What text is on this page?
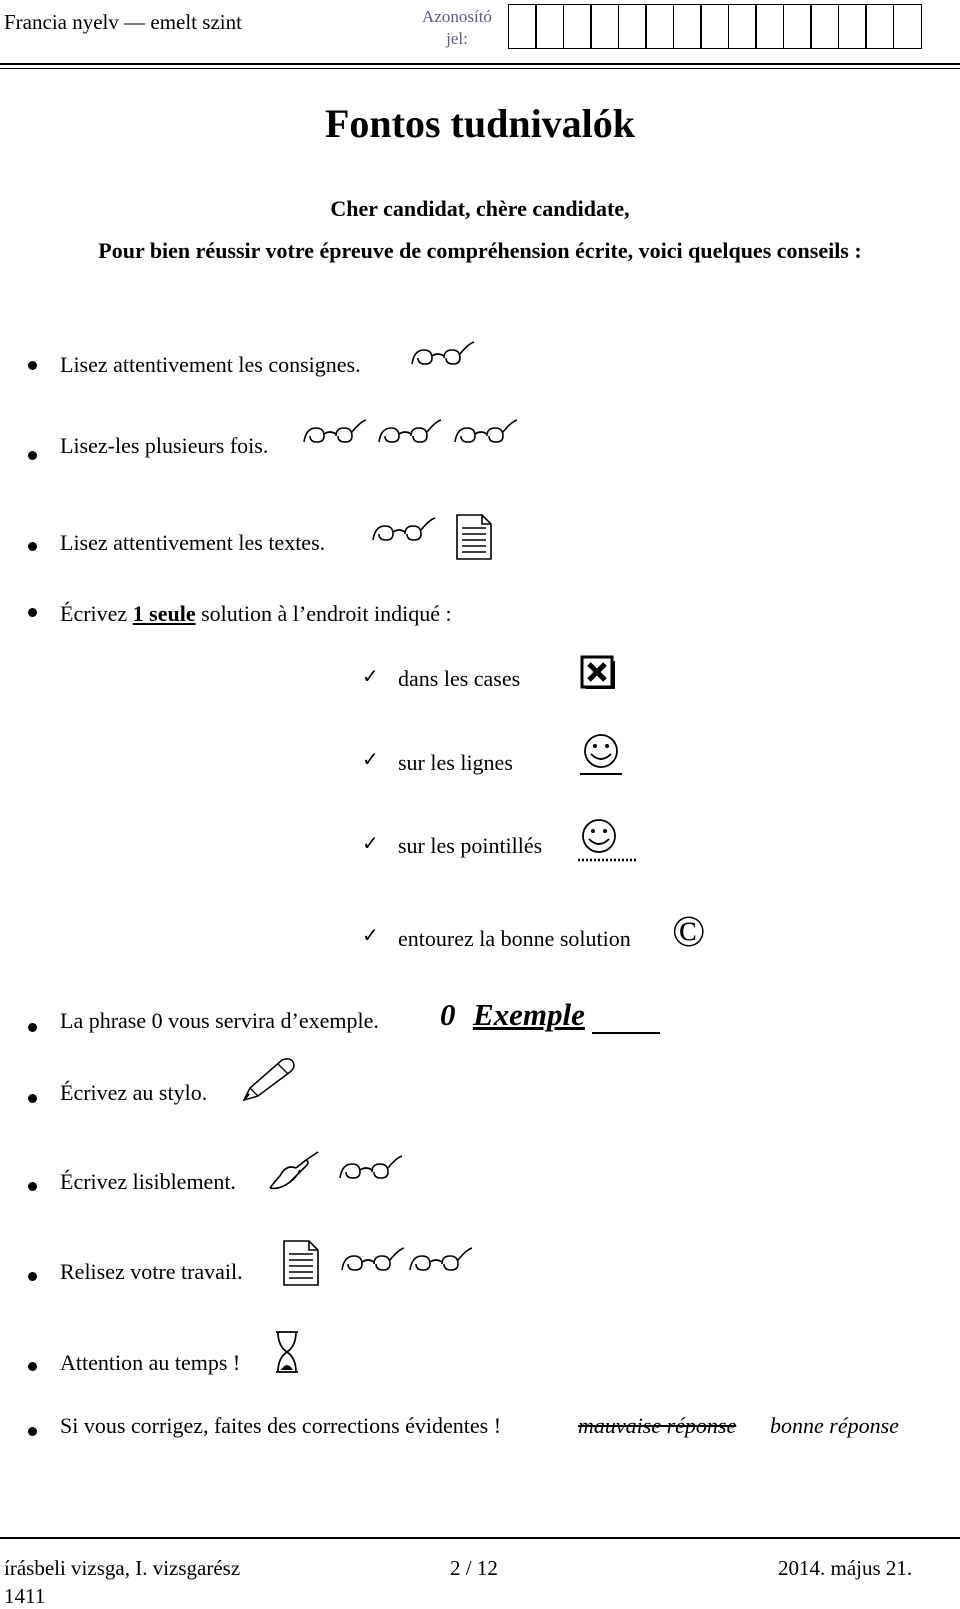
Francia nyelv — emelt szint	Azonosító
jel:
Fontos tudnivalók
Cher candidat, chère candidate,
Pour bien réussir votre épreuve de compréhension écrite, voici quelques conseils :
Lisez attentivement les consignes.
Lisez-les plusieurs fois.
Lisez attentivement les textes.
Écrivez 1 seule solution à l’endroit indiqué :
✓ dans les cases
✓ sur les lignes
✓ sur les pointillés
✓ entourez la bonne solution ©
La phrase 0 vous servira d’exemple. 0 Exemple
Écrivez au stylo.
Écrivez lisiblement.
Relisez votre travail.
Attention au temps !
Si vous corrigez, faites des corrections évidentes !	mauvaise réponse bonne réponse
írásbeli vizsga, I. vizsgarész	2 / 12	2014. május 21.
1411
